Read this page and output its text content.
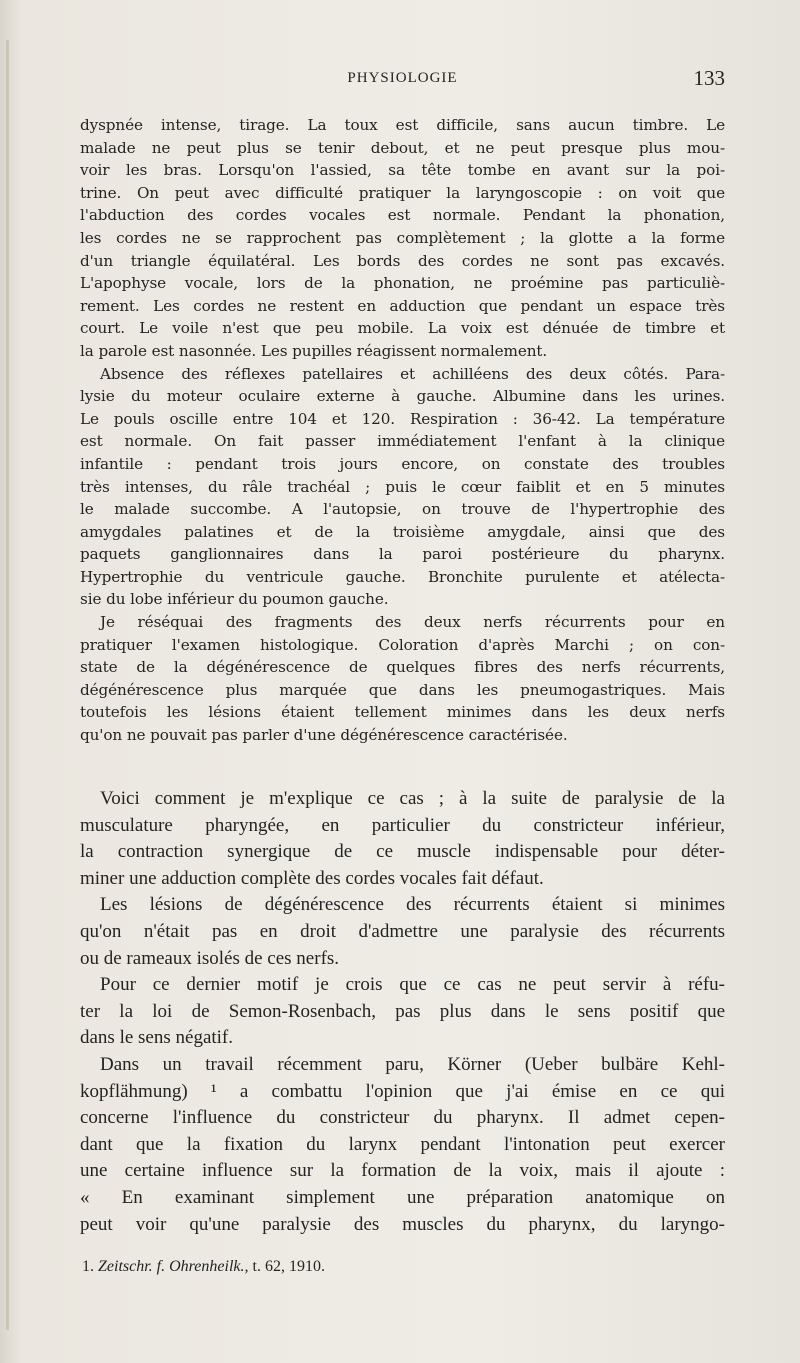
PHYSIOLOGIE	133
dyspnée intense, tirage. La toux est difficile, sans aucun timbre. Le
malade ne peut plus se tenir debout, et ne peut presque plus mou-
voir les bras. Lorsqu'on l'assied, sa tête tombe en avant sur la poi-
trine. On peut avec difficulté pratiquer la laryngoscopie : on voit que
l'abduction des cordes vocales est normale. Pendant la phonation,
les cordes ne se rapprochent pas complètement ; la glotte a la forme
d'un triangle équilatéral. Les bords des cordes ne sont pas excavés.
L'apophyse vocale, lors de la phonation, ne proémine pas particuliè-
rement. Les cordes ne restent en adduction que pendant un espace très
court. Le voile n'est que peu mobile. La voix est dénuée de timbre et
la parole est nasonnée. Les pupilles réagissent normalement.
Absence des réflexes patellaires et achilléens des deux côtés. Para-
lysie du moteur oculaire externe à gauche. Albumine dans les urines.
Le pouls oscille entre 104 et 120. Respiration : 36-42. La température
est normale. On fait passer immédiatement l'enfant à la clinique
infantile : pendant trois jours encore, on constate des troubles
très intenses, du râle trachéal ; puis le cœur faiblit et en 5 minutes
le malade succombe. A l'autopsie, on trouve de l'hypertrophie des
amygdales palatines et de la troisième amygdale, ainsi que des
paquets ganglionnaires dans la paroi postérieure du pharynx.
Hypertrophie du ventricule gauche. Bronchite purulente et atélecta-
sie du lobe inférieur du poumon gauche.
Je réséquai des fragments des deux nerfs récurrents pour en
pratiquer l'examen histologique. Coloration d'après Marchi ; on con-
state de la dégénérescence de quelques fibres des nerfs récurrents,
dégénérescence plus marquée que dans les pneumogastriques. Mais
toutefois les lésions étaient tellement minimes dans les deux nerfs
qu'on ne pouvait pas parler d'une dégénérescence caractérisée.
Voici comment je m'explique ce cas ; à la suite de paralysie de la
musculature pharyngée, en particulier du constricteur inférieur,
la contraction synergique de ce muscle indispensable pour déter-
miner une adduction complète des cordes vocales fait défaut.
Les lésions de dégénérescence des récurrents étaient si minimes
qu'on n'était pas en droit d'admettre une paralysie des récurrents
ou de rameaux isolés de ces nerfs.
Pour ce dernier motif je crois que ce cas ne peut servir à réfu-
ter la loi de Semon-Rosenbach, pas plus dans le sens positif que
dans le sens négatif.
Dans un travail récemment paru, Körner (Ueber bulbäre Kehl-
kopflähmung) ¹ a combattu l'opinion que j'ai émise en ce qui
concerne l'influence du constricteur du pharynx. Il admet cepen-
dant que la fixation du larynx pendant l'intonation peut exercer
une certaine influence sur la formation de la voix, mais il ajoute :
« En examinant simplement une préparation anatomique on
peut voir qu'une paralysie des muscles du pharynx, du laryngo-
1. Zeitschr. f. Ohrenheilk., t. 62, 1910.
